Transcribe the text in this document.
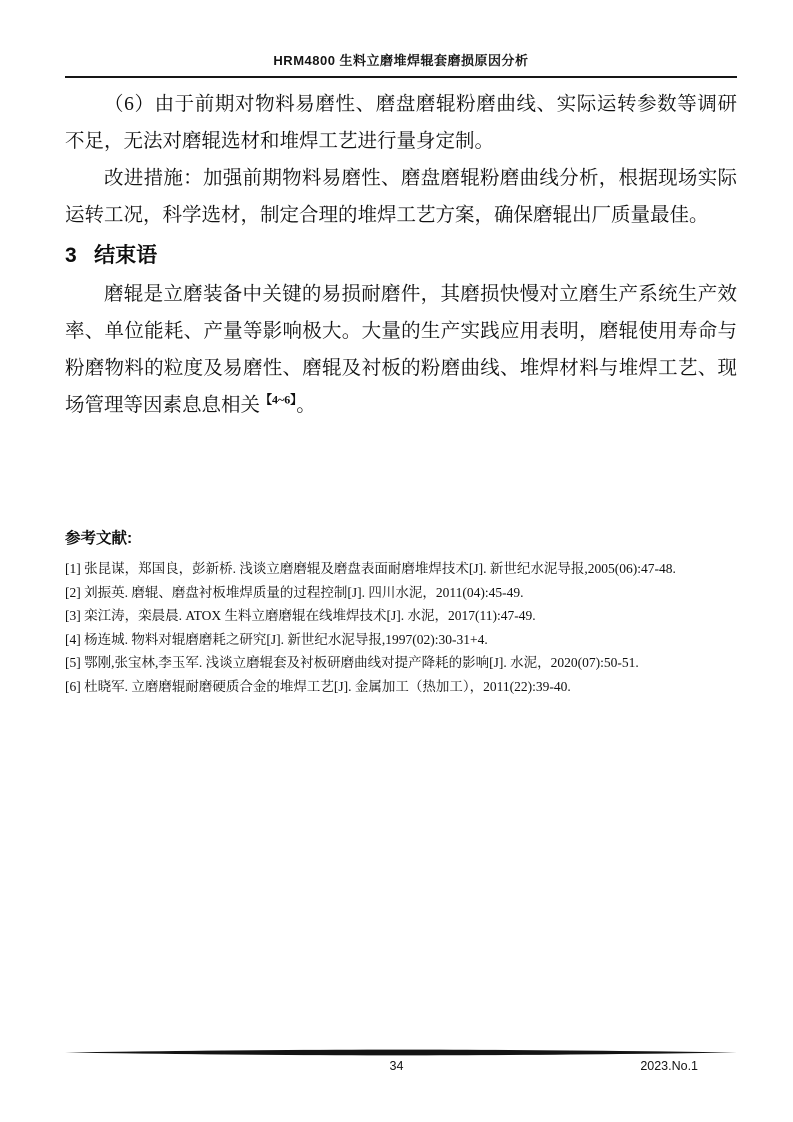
HRM4800 生料立磨堆焊辊套磨损原因分析

（6）由于前期对物料易磨性、磨盘磨辊粉磨曲线、实际运转参数等调研不足，无法对磨辊选材和堆焊工艺进行量身定制。

改进措施：加强前期物料易磨性、磨盘磨辊粉磨曲线分析，根据现场实际运转工况，科学选材，制定合理的堆焊工艺方案，确保磨辊出厂质量最佳。

3   结束语

磨辊是立磨装备中关键的易损耐磨件，其磨损快慢对立磨生产系统生产效率、单位能耗、产量等影响极大。大量的生产实践应用表明，磨辊使用寿命与粉磨物料的粒度及易磨性、磨辊及衬板的粉磨曲线、堆焊材料与堆焊工艺、现场管理等因素息息相关$^{【4\sim 6】}$。

参考文献:
[1] 张昆谋，郑国良，彭新桥. 浅谈立磨磨辊及磨盘表面耐磨堆焊技术[J]. 新世纪水泥导报,2005(06):47-48.
[2] 刘振英. 磨辊、磨盘衬板堆焊质量的过程控制[J]. 四川水泥，2011(04):45-49.
[3] 栾江涛，栾晨晨. ATOX 生料立磨磨辊在线堆焊技术[J]. 水泥，2017(11):47-49.
[4] 杨连城. 物料对辊磨磨耗之研究[J]. 新世纪水泥导报,1997(02):30-31+4.
[5] 鄂刚,张宝林,李玉军. 浅谈立磨辊套及衬板研磨曲线对提产降耗的影响[J]. 水泥，2020(07):50-51.
[6] 杜晓军. 立磨磨辊耐磨硬质合金的堆焊工艺[J]. 金属加工（热加工），2011(22):39-40.
34	2023.No.1
